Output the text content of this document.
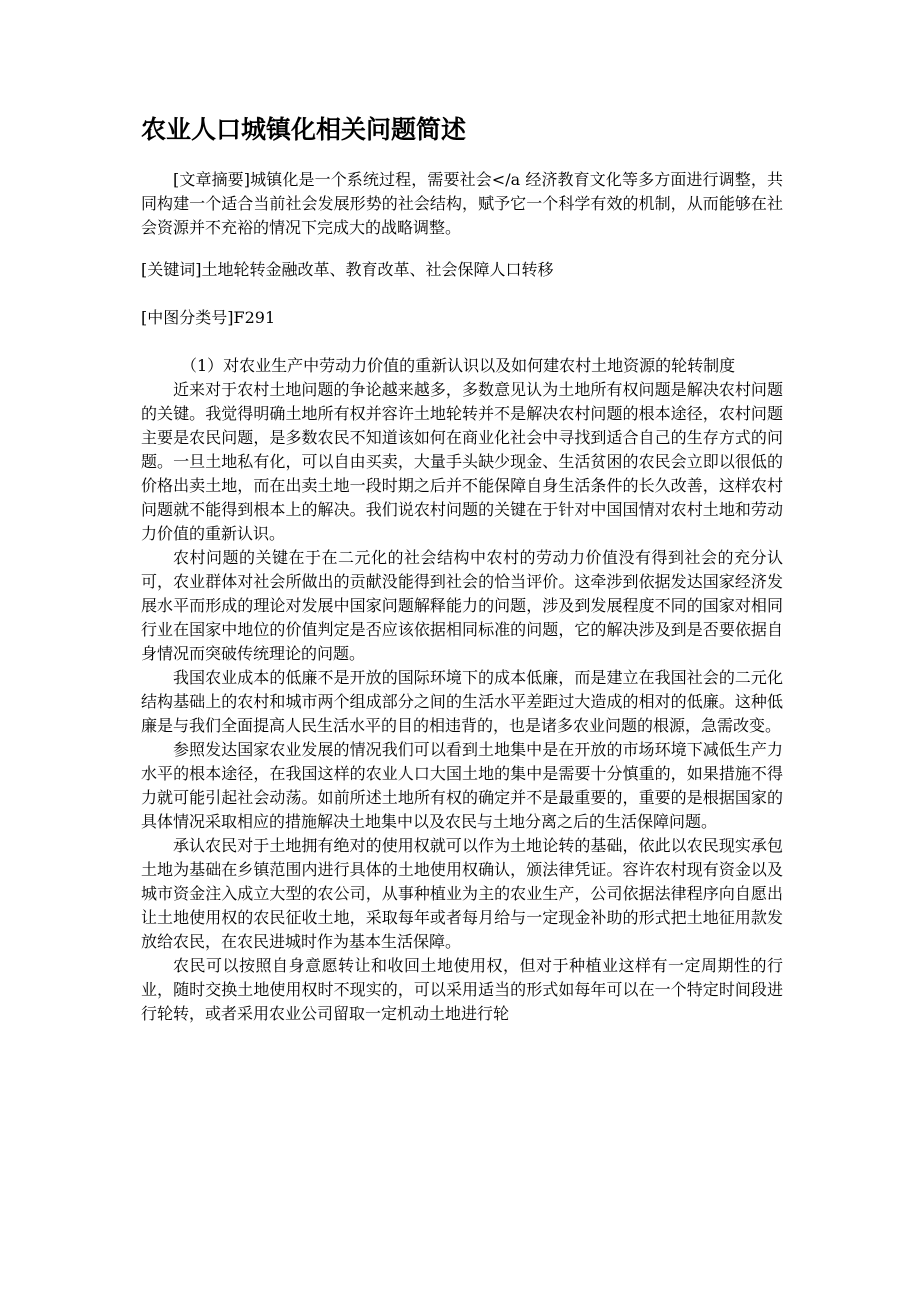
农业人口城镇化相关问题简述

[文章摘要]城镇化是一个系统过程，需要社会</a 经济教育文化等多方面进行调整，共同构建一个适合当前社会发展形势的社会结构，赋予它一个科学有效的机制，从而能够在社会资源并不充裕的情况下完成大的战略调整。

[关键词]土地轮转金融改革、教育改革、社会保障人口转移

[中图分类号]F291

（1）对农业生产中劳动力价值的重新认识以及如何建农村土地资源的轮转制度

近来对于农村土地问题的争论越来越多，多数意见认为土地所有权问题是解决农村问题的关键。我觉得明确土地所有权并容许土地轮转并不是解决农村问题的根本途径，农村问题主要是农民问题，是多数农民不知道该如何在商业化社会中寻找到适合自己的生存方式的问题。一旦土地私有化，可以自由买卖，大量手头缺少现金、生活贫困的农民会立即以很低的价格出卖土地，而在出卖土地一段时期之后并不能保障自身生活条件的长久改善，这样农村问题就不能得到根本上的解决。我们说农村问题的关键在于针对中国国情对农村土地和劳动力价值的重新认识。

农村问题的关键在于在二元化的社会结构中农村的劳动力价值没有得到社会的充分认可，农业群体对社会所做出的贡献没能得到社会的恰当评价。这牵涉到依据发达国家经济发展水平而形成的理论对发展中国家问题解释能力的问题，涉及到发展程度不同的国家对相同行业在国家中地位的价值判定是否应该依据相同标准的问题，它的解决涉及到是否要依据自身情况而突破传统理论的问题。

我国农业成本的低廉不是开放的国际环境下的成本低廉，而是建立在我国社会的二元化结构基础上的农村和城市两个组成部分之间的生活水平差距过大造成的相对的低廉。这种低廉是与我们全面提高人民生活水平的目的相违背的，也是诸多农业问题的根源，急需改变。

参照发达国家农业发展的情况我们可以看到土地集中是在开放的市场环境下减低生产力水平的根本途径，在我国这样的农业人口大国土地的集中是需要十分慎重的，如果措施不得力就可能引起社会动荡。如前所述土地所有权的确定并不是最重要的，重要的是根据国家的具体情况采取相应的措施解决土地集中以及农民与土地分离之后的生活保障问题。

承认农民对于土地拥有绝对的使用权就可以作为土地论转的基础，依此以农民现实承包土地为基础在乡镇范围内进行具体的土地使用权确认，颁法律凭证。容许农村现有资金以及城市资金注入成立大型的农公司，从事种植业为主的农业生产，公司依据法律程序向自愿出让土地使用权的农民征收土地，采取每年或者每月给与一定现金补助的形式把土地征用款发放给农民，在农民进城时作为基本生活保障。

农民可以按照自身意愿转让和收回土地使用权，但对于种植业这样有一定周期性的行业，随时交换土地使用权时不现实的，可以采用适当的形式如每年可以在一个特定时间段进行轮转，或者采用农业公司留取一定机动土地进行轮
